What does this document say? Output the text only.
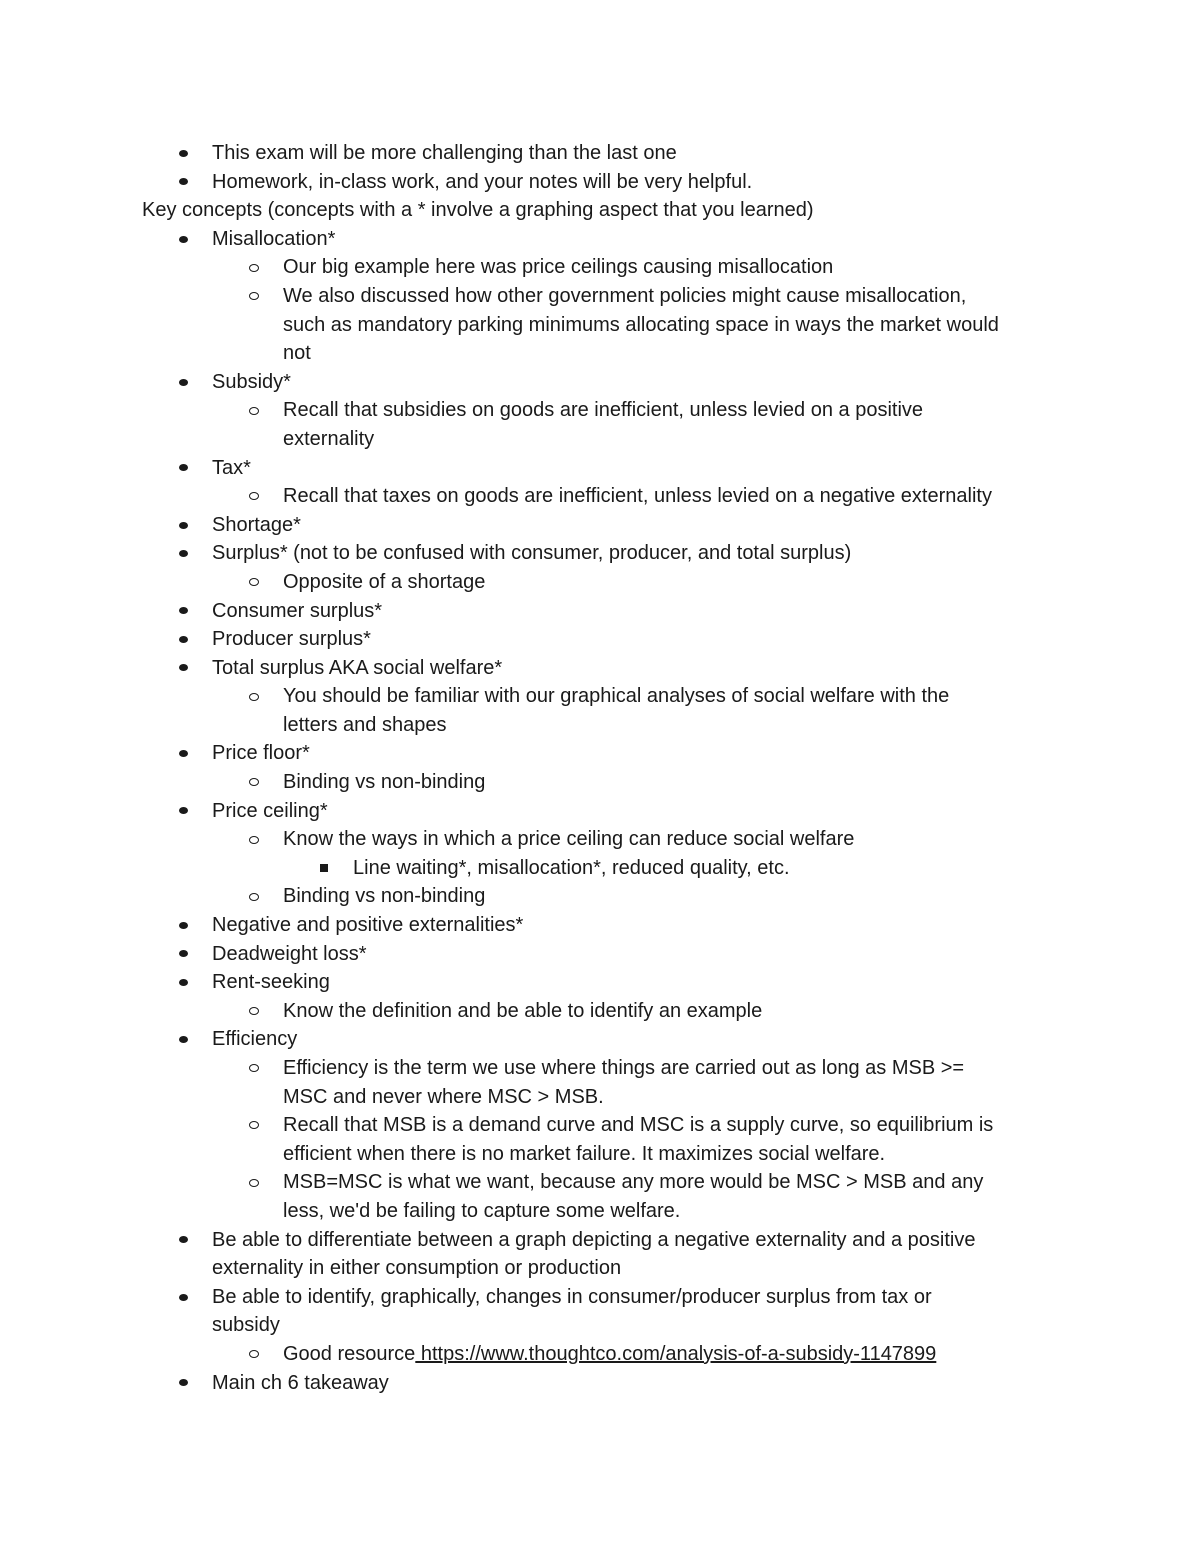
This exam will be more challenging than the last one
Homework, in-class work, and your notes will be very helpful.
Key concepts (concepts with a * involve a graphing aspect that you learned)
Misallocation*
Our big example here was price ceilings causing misallocation
We also discussed how other government policies might cause misallocation,
such as mandatory parking minimums allocating space in ways the market would
not
Subsidy*
Recall that subsidies on goods are inefficient, unless levied on a positive
externality
Tax*
Recall that taxes on goods are inefficient, unless levied on a negative externality
Shortage*
Surplus* (not to be confused with consumer, producer, and total surplus)
Opposite of a shortage
Consumer surplus*
Producer surplus*
Total surplus AKA social welfare*
You should be familiar with our graphical analyses of social welfare with the
letters and shapes
Price floor*
Binding vs non-binding
Price ceiling*
Know the ways in which a price ceiling can reduce social welfare
Line waiting*, misallocation*, reduced quality, etc.
Binding vs non-binding
Negative and positive externalities*
Deadweight loss*
Rent-seeking
Know the definition and be able to identify an example
Efficiency
Efficiency is the term we use where things are carried out as long as MSB >=
MSC and never where MSC > MSB.
Recall that MSB is a demand curve and MSC is a supply curve, so equilibrium is
efficient when there is no market failure. It maximizes social welfare.
MSB=MSC is what we want, because any more would be MSC > MSB and any
less, we'd be failing to capture some welfare.
Be able to differentiate between a graph depicting a negative externality and a positive
externality in either consumption or production
Be able to identify, graphically, changes in consumer/producer surplus from tax or
subsidy
Good resource https://www.thoughtco.com/analysis-of-a-subsidy-1147899
Main ch 6 takeaway
